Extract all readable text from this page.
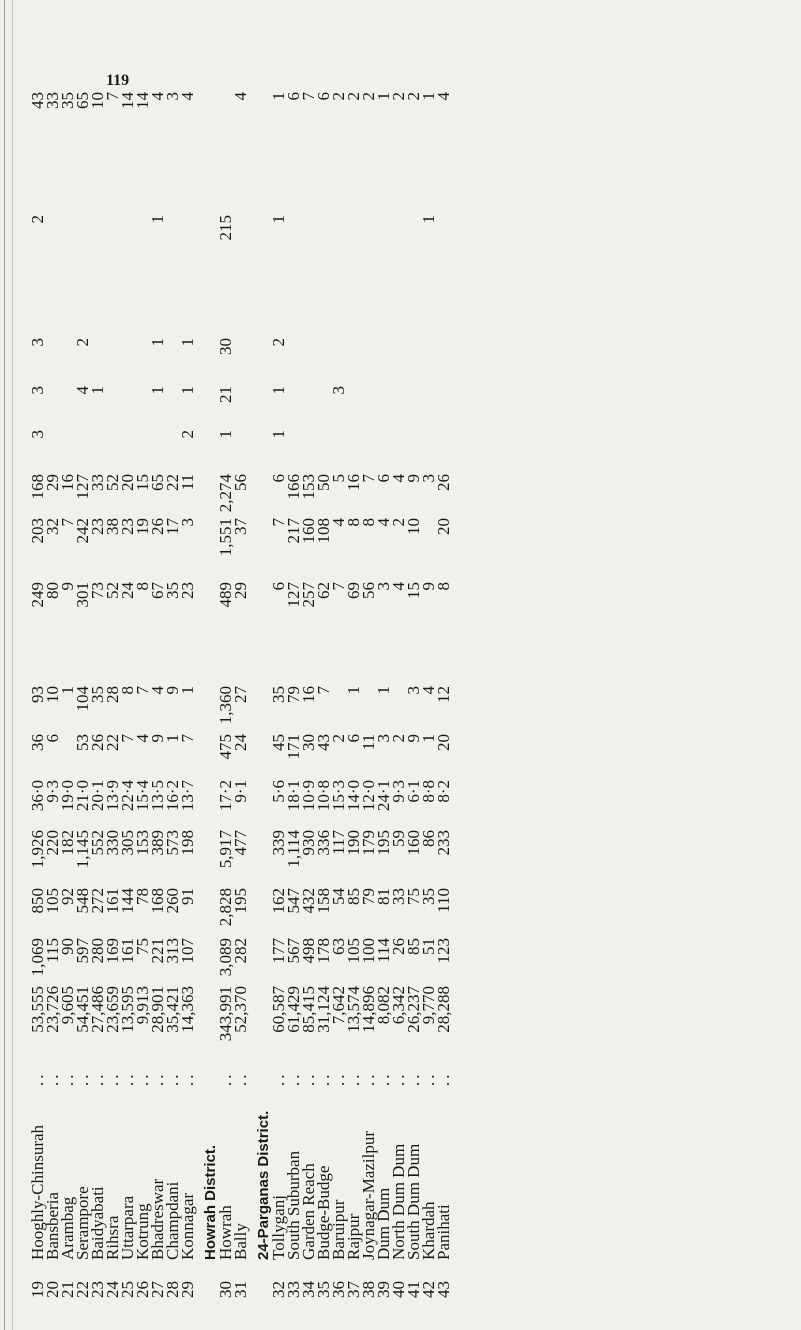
119
19	Hooghly-Chinsurah	..	53,555	1,069	850	1,926	36·0	36	93		249	203	168	3	3	3	2	43
20	Bansberia	..	23,726	115	105	220	9·3	6	10		80	32	29					33
21	Arambag	..	9,605	90	92	182	19·0		1		9	7	16					35
22	Serampore	..	54,451	597	548	1,145	21·0	53	104		301	242	127		4	2		65
23	Baidyabati	..	27,486	280	272	552	20·1	26	35		73	23	33		1			10
24	Rihsra	..	23,659	169	161	330	13·9	22	28		52	38	52					7
25	Uttarpara	..	13,595	161	144	305	22·4	7	8		24	23	20					14
26	Kotrung	..	9,913	75	78	153	15·4	4	7		8	19	15					14
27	Bhadreswar	..	28,901	221	168	389	13·5	9	4		67	26	65		1	1	1	4
28	Champdani	..	35,421	313	260	573	16·2	1	9		35	17	22					3
29	Konnagar	..	14,363	107	91	198	13·7	7	1		23	3	11	2	1	1		4

	Howrah District.																	
30	Howrah	..	343,991	3,089	2,828	5,917	17·2	475	1,360		489	1,551	2,274	1	21	30	215	
31	Bally	..	52,370	282	195	477	9·1	24	27		29	37	56					4

	24-Parganas District.																	
32	Tollyganj	..	60,587	177	162	339	5·6	45	35		6	7	6	1	1	2	1	1
33	South Suburban	..	61,429	567	547	1,114	18·1	171	79		127	217	166					6
34	Garden Reach	..	85,415	498	432	930	10·9	30	16		257	160	153					7
35	Budge-Budge	..	31,124	178	158	336	10·8	43	7		62	108	50					6
36	Baruipur	..	7,642	63	54	117	15·3	2			7	4	5		3			2
37	Rajpur	..	13,574	105	85	190	14·0	6	1		69	8	16					2
38	Joynagar-Mazilpur	..	14,896	100	79	179	12·0	11			56	8	7					2
39	Dum Dum	..	8,082	114	81	195	24·1	3	1		3	4	6					1
40	North Dum Dum	..	6,342	26	33	59	9·3	2			4	2	4					2
41	South Dum Dum	..	26,237	85	75	160	6·1	9	3		15	10	9					2
42	Khardah	..	9,770	51	35	86	8·8	1	4		9		3				1	1
43	Panihati	..	28,288	123	110	233	8·2	20	12		8	20	26					4
